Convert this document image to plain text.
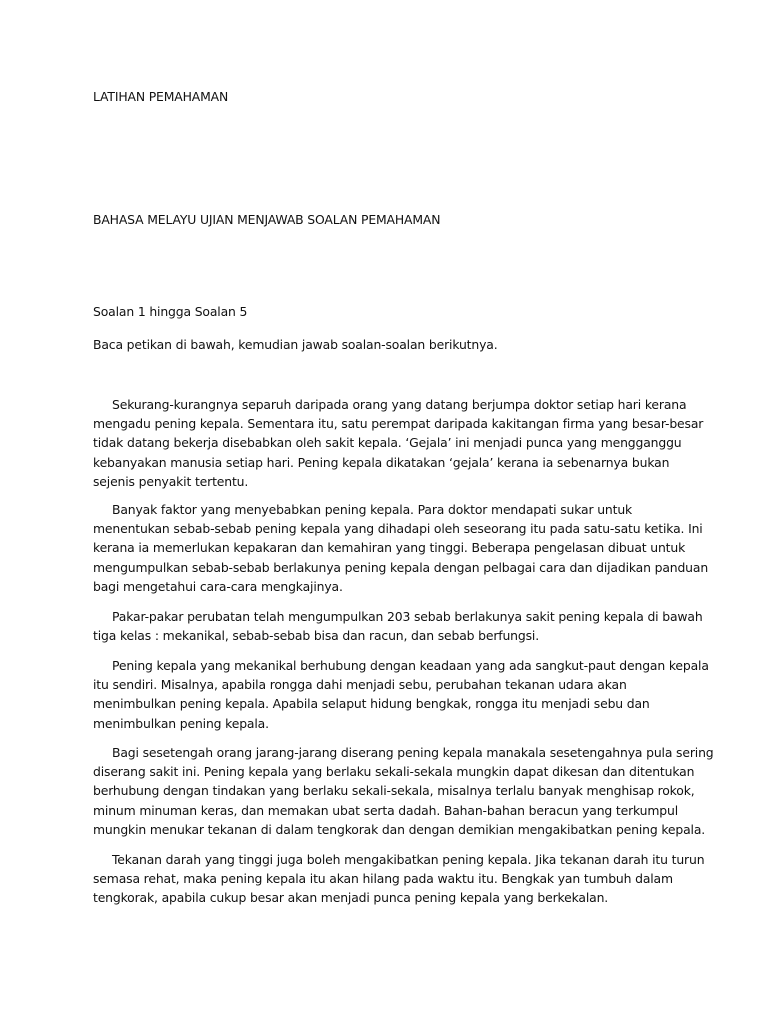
LATIHAN PEMAHAMAN
BAHASA MELAYU UJIAN MENJAWAB SOALAN PEMAHAMAN
Soalan 1 hingga Soalan 5
Baca petikan di bawah, kemudian jawab soalan-soalan berikutnya.
Sekurang-kurangnya separuh daripada orang yang datang berjumpa doktor setiap hari kerana
mengadu pening kepala. Sementara itu, satu perempat daripada kakitangan firma yang besar-besar
tidak datang bekerja disebabkan oleh sakit kepala. ‘Gejala’ ini menjadi punca yang mengganggu
kebanyakan manusia setiap hari. Pening kepala dikatakan ‘gejala’ kerana ia sebenarnya bukan
sejenis penyakit tertentu.
Banyak faktor yang menyebabkan pening kepala. Para doktor mendapati sukar untuk
menentukan sebab-sebab pening kepala yang dihadapi oleh seseorang itu pada satu-satu ketika. Ini
kerana ia memerlukan kepakaran dan kemahiran yang tinggi. Beberapa pengelasan dibuat untuk
mengumpulkan sebab-sebab berlakunya pening kepala dengan pelbagai cara dan dijadikan panduan
bagi mengetahui cara-cara mengkajinya.
Pakar-pakar perubatan telah mengumpulkan 203 sebab berlakunya sakit pening kepala di bawah
tiga kelas : mekanikal, sebab-sebab bisa dan racun, dan sebab berfungsi.
Pening kepala yang mekanikal berhubung dengan keadaan yang ada sangkut-paut dengan kepala
itu sendiri. Misalnya, apabila rongga dahi menjadi sebu, perubahan tekanan udara akan
menimbulkan pening kepala. Apabila selaput hidung bengkak, rongga itu menjadi sebu dan
menimbulkan pening kepala.
Bagi sesetengah orang jarang-jarang diserang pening kepala manakala sesetengahnya pula sering
diserang sakit ini. Pening kepala yang berlaku sekali-sekala mungkin dapat dikesan dan ditentukan
berhubung dengan tindakan yang berlaku sekali-sekala, misalnya terlalu banyak menghisap rokok,
minum minuman keras, dan memakan ubat serta dadah. Bahan-bahan beracun yang terkumpul
mungkin menukar tekanan di dalam tengkorak dan dengan demikian mengakibatkan pening kepala.
Tekanan darah yang tinggi juga boleh mengakibatkan pening kepala. Jika tekanan darah itu turun
semasa rehat, maka pening kepala itu akan hilang pada waktu itu. Bengkak yan tumbuh dalam
tengkorak, apabila cukup besar akan menjadi punca pening kepala yang berkekalan.
